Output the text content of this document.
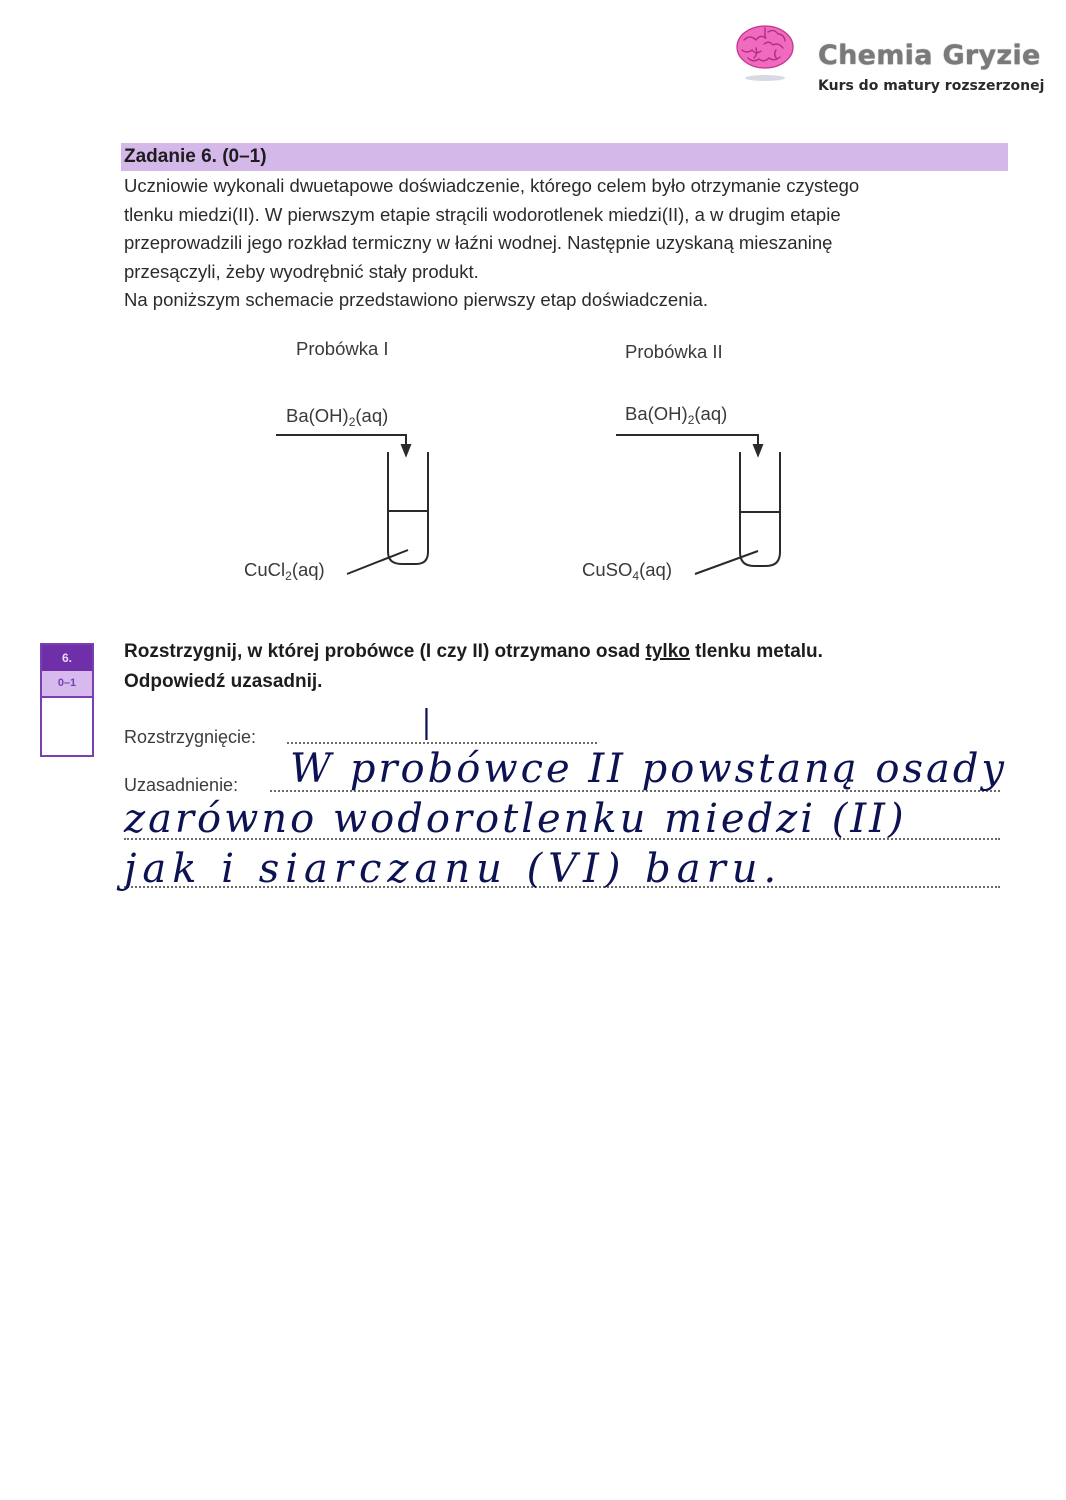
Chemia Gryzie
Kurs do matury rozszerzonej
Zadanie 6. (0–1)

Uczniowie wykonali dwuetapowe doświadczenie, którego celem było otrzymanie czystego

tlenku miedzi(II). W pierwszym etapie strącili wodorotlenek miedzi(II), a w drugim etapie

przeprowadzili jego rozkład termiczny w łaźni wodnej. Następnie uzyskaną mieszaninę

przesączyli, żeby wyodrębnić stały produkt.

Na poniższym schemacie przedstawiono pierwszy etap doświadczenia.

Probówka I	Probówka II
$Ba(OH)_2(aq)$	$Ba(OH)_2(aq)$
CuCl$_2$(aq)	CuSO$_4$(aq)
6.
0–1

Rozstrzygnij, w której probówce (I czy II) otrzymano osad tylko tlenku metalu.

Odpowiedź uzasadnij.

Rozstrzygnięcie:
Uzasadnienie:
I
W probówce II powstaną osady
zarówno wodorotlenku miedzi (II)
jak i siarczanu (VI) baru.
